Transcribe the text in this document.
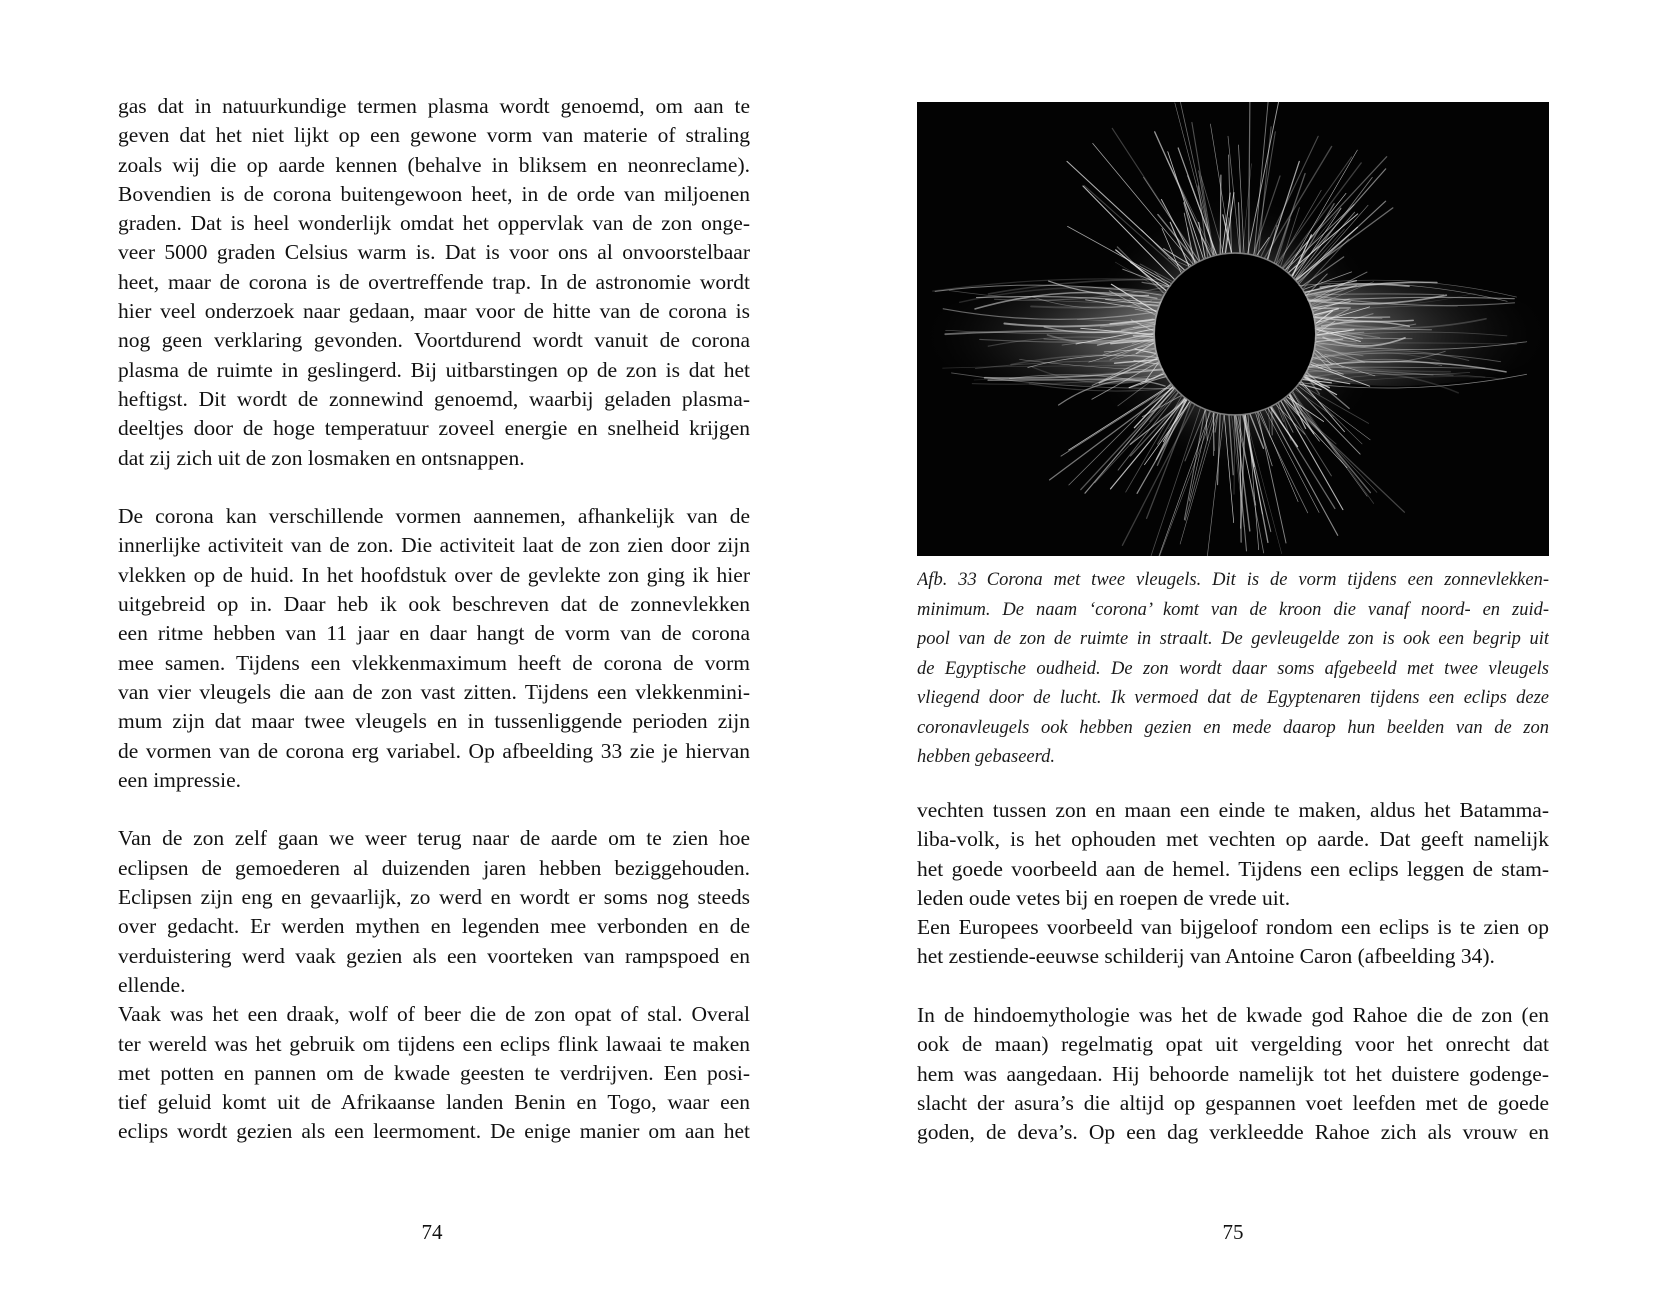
gas dat in natuurkundige termen plasma wordt genoemd, om aan te
geven dat het niet lijkt op een gewone vorm van materie of straling
zoals wij die op aarde kennen (behalve in bliksem en neonreclame).
Bovendien is de corona buitengewoon heet, in de orde van miljoenen
graden. Dat is heel wonderlijk omdat het oppervlak van de zon onge-
veer 5000 graden Celsius warm is. Dat is voor ons al onvoorstelbaar
heet, maar de corona is de overtreffende trap. In de astronomie wordt
hier veel onderzoek naar gedaan, maar voor de hitte van de corona is
nog geen verklaring gevonden. Voortdurend wordt vanuit de corona
plasma de ruimte in geslingerd. Bij uitbarstingen op de zon is dat het
heftigst. Dit wordt de zonnewind genoemd, waarbij geladen plasma-
deeltjes door de hoge temperatuur zoveel energie en snelheid krijgen
dat zij zich uit de zon losmaken en ontsnappen.
De corona kan verschillende vormen aannemen, afhankelijk van de
innerlijke activiteit van de zon. Die activiteit laat de zon zien door zijn
vlekken op de huid. In het hoofdstuk over de gevlekte zon ging ik hier
uitgebreid op in. Daar heb ik ook beschreven dat de zonnevlekken
een ritme hebben van 11 jaar en daar hangt de vorm van de corona
mee samen. Tijdens een vlekkenmaximum heeft de corona de vorm
van vier vleugels die aan de zon vast zitten. Tijdens een vlekkenmini-
mum zijn dat maar twee vleugels en in tussenliggende perioden zijn
de vormen van de corona erg variabel. Op afbeelding 33 zie je hiervan
een impressie.
Van de zon zelf gaan we weer terug naar de aarde om te zien hoe
eclipsen de gemoederen al duizenden jaren hebben beziggehouden.
Eclipsen zijn eng en gevaarlijk, zo werd en wordt er soms nog steeds
over gedacht. Er werden mythen en legenden mee verbonden en de
verduistering werd vaak gezien als een voorteken van rampspoed en
ellende.
Vaak was het een draak, wolf of beer die de zon opat of stal. Overal
ter wereld was het gebruik om tijdens een eclips flink lawaai te maken
met potten en pannen om de kwade geesten te verdrijven. Een posi-
tief geluid komt uit de Afrikaanse landen Benin en Togo, waar een
eclips wordt gezien als een leermoment. De enige manier om aan het
74
Afb. 33 Corona met twee vleugels. Dit is de vorm tijdens een zonnevlekken-
minimum. De naam ‘corona’ komt van de kroon die vanaf noord- en zuid-
pool van de zon de ruimte in straalt. De gevleugelde zon is ook een begrip uit
de Egyptische oudheid. De zon wordt daar soms afgebeeld met twee vleugels
vliegend door de lucht. Ik vermoed dat de Egyptenaren tijdens een eclips deze
coronavleugels ook hebben gezien en mede daarop hun beelden van de zon
hebben gebaseerd.
vechten tussen zon en maan een einde te maken, aldus het Batamma-
liba-volk, is het ophouden met vechten op aarde. Dat geeft namelijk
het goede voorbeeld aan de hemel. Tijdens een eclips leggen de stam-
leden oude vetes bij en roepen de vrede uit.
Een Europees voorbeeld van bijgeloof rondom een eclips is te zien op
het zestiende-eeuwse schilderij van Antoine Caron (afbeelding 34).
In de hindoemythologie was het de kwade god Rahoe die de zon (en
ook de maan) regelmatig opat uit vergelding voor het onrecht dat
hem was aangedaan. Hij behoorde namelijk tot het duistere godenge-
slacht der asura’s die altijd op gespannen voet leefden met de goede
goden, de deva’s. Op een dag verkleedde Rahoe zich als vrouw en
75
